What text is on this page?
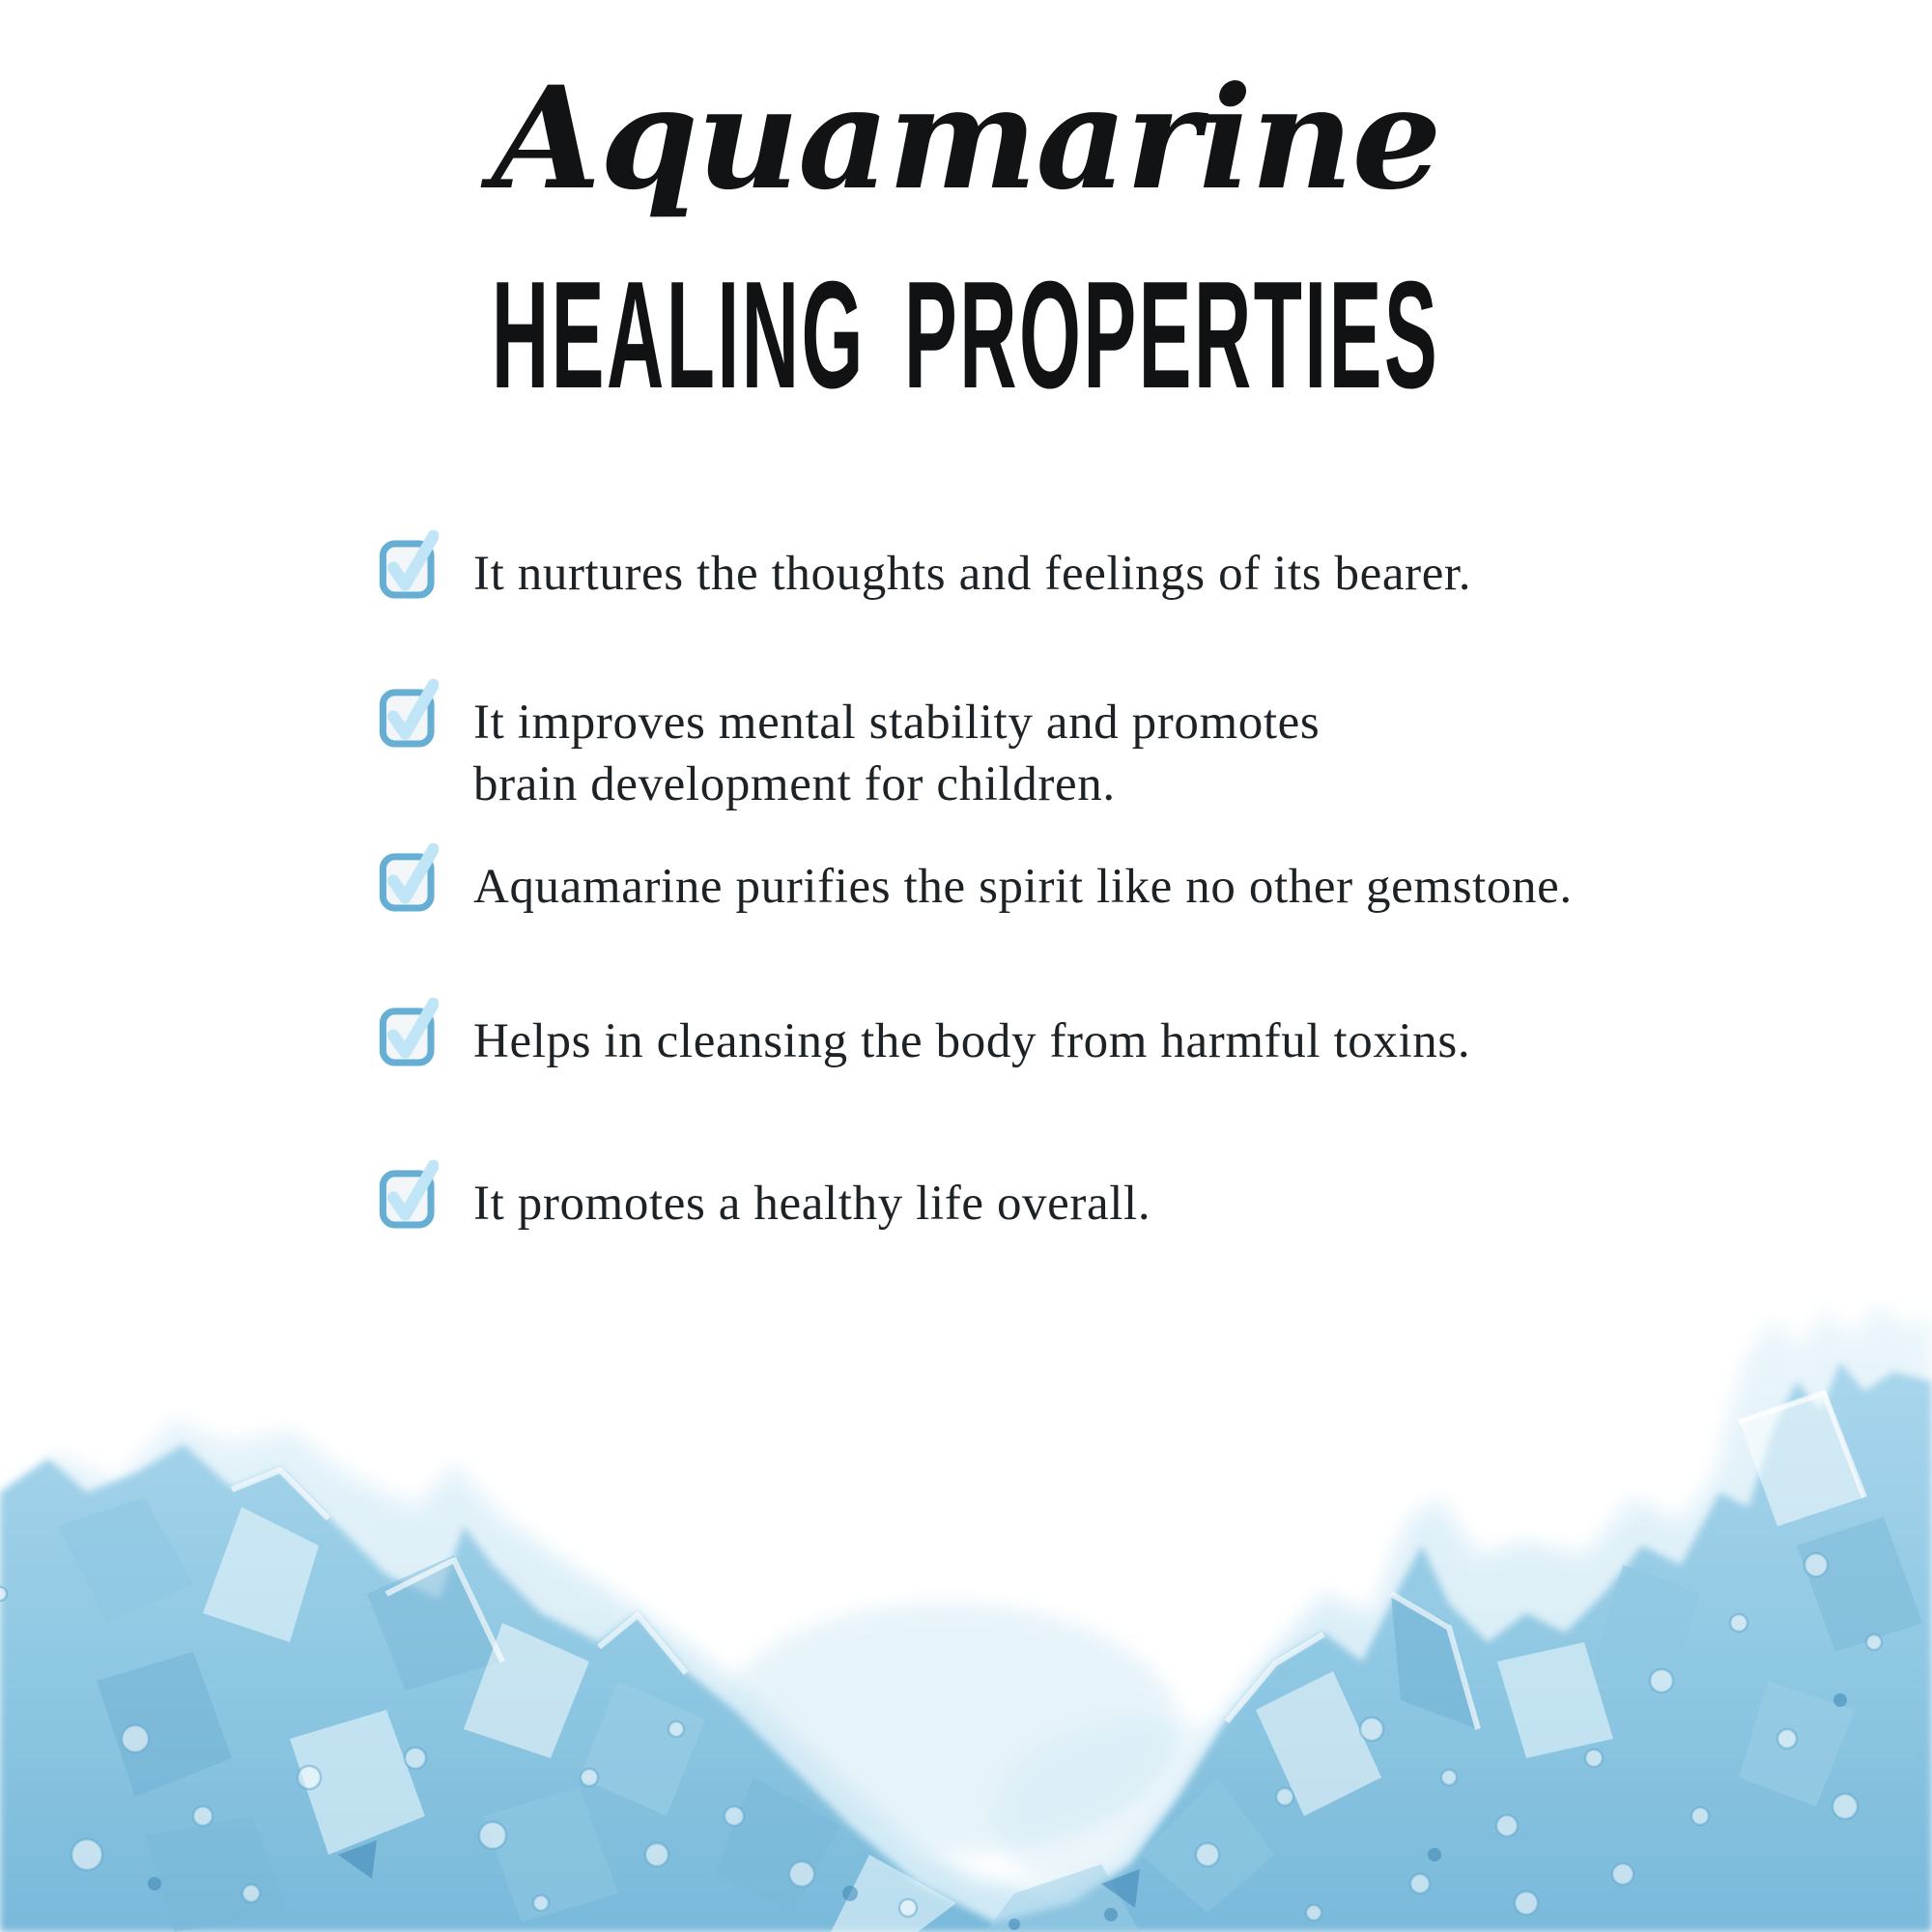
Aquamarine
HEALING PROPERTIES
It nurtures the thoughts and feelings of its bearer.
It improves mental stability and promotes
brain development for children.
Aquamarine purifies the spirit like no other gemstone.
Helps in cleansing the body from harmful toxins.
It promotes a healthy life overall.
